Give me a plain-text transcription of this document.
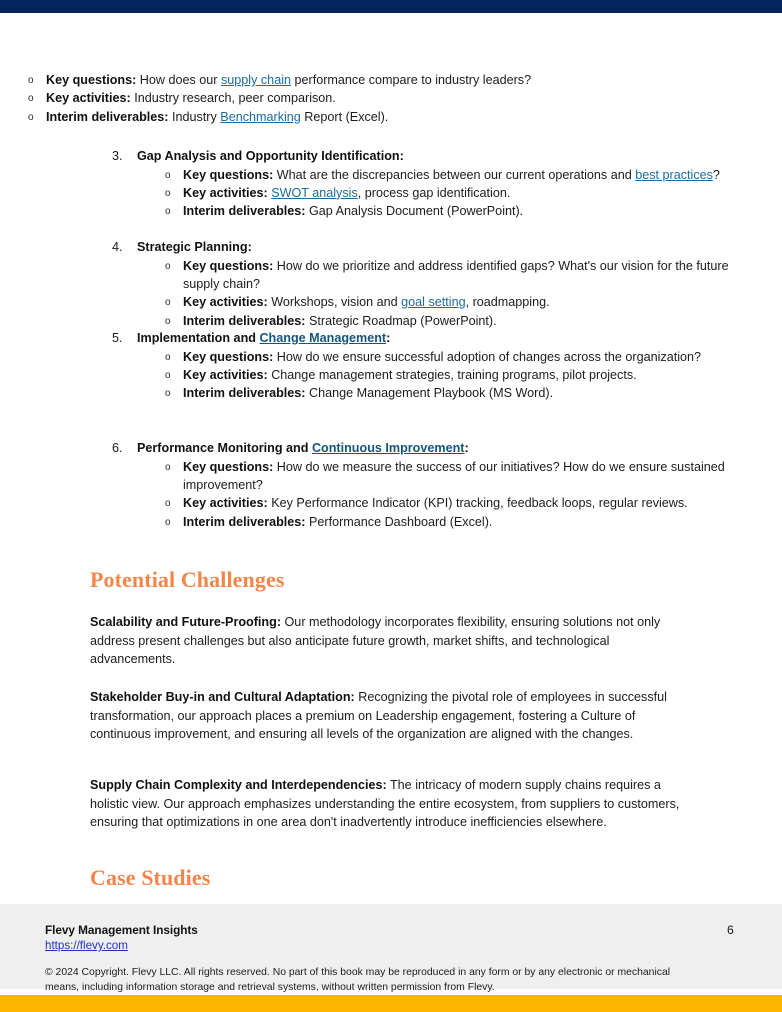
o Key questions: How does our supply chain performance compare to industry leaders?
o Key activities: Industry research, peer comparison.
o Interim deliverables: Industry Benchmarking Report (Excel).
3.	Gap Analysis and Opportunity Identification:
o Key questions: What are the discrepancies between our current operations and best practices?
o Key activities: SWOT analysis, process gap identification.
o Interim deliverables: Gap Analysis Document (PowerPoint).
4.	Strategic Planning:
o Key questions: How do we prioritize and address identified gaps? What's our vision for the future supply chain?
o Key activities: Workshops, vision and goal setting, roadmapping.
o Interim deliverables: Strategic Roadmap (PowerPoint).
5.	Implementation and Change Management:
o Key questions: How do we ensure successful adoption of changes across the organization?
o Key activities: Change management strategies, training programs, pilot projects.
o Interim deliverables: Change Management Playbook (MS Word).
6.	Performance Monitoring and Continuous Improvement:
o Key questions: How do we measure the success of our initiatives? How do we ensure sustained improvement?
o Key activities: Key Performance Indicator (KPI) tracking, feedback loops, regular reviews.
o Interim deliverables: Performance Dashboard (Excel).
Potential Challenges

Scalability and Future-Proofing: Our methodology incorporates flexibility, ensuring solutions not only address present challenges but also anticipate future growth, market shifts, and technological advancements.

Stakeholder Buy-in and Cultural Adaptation: Recognizing the pivotal role of employees in successful transformation, our approach places a premium on Leadership engagement, fostering a Culture of continuous improvement, and ensuring all levels of the organization are aligned with the changes.

Supply Chain Complexity and Interdependencies: The intricacy of modern supply chains requires a holistic view. Our approach emphasizes understanding the entire ecosystem, from suppliers to customers, ensuring that optimizations in one area don't inadvertently introduce inefficiencies elsewhere.

Case Studies
Flevy Management Insights
https://flevy.com
6
© 2024 Copyright. Flevy LLC. All rights reserved. No part of this book may be reproduced in any form or by any electronic or mechanical means, including information storage and retrieval systems, without written permission from Flevy.
